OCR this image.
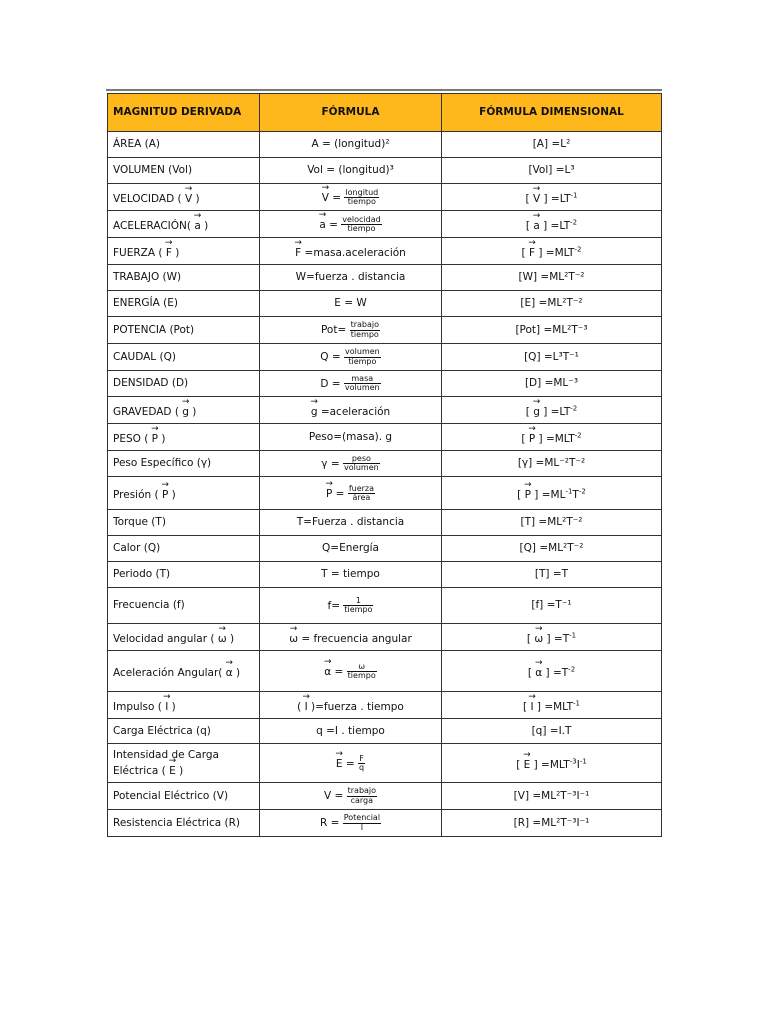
MAGNITUD DERIVADA	FÓRMULA	FÓRMULA DIMENSIONAL
ÁREA (A)	A = (longitud)²	[A] =L²
VOLUMEN (Vol)	Vol = (longitud)³	[Vol] =L³
VELOCIDAD ( → V )	→ $V = \frac{\text{longitud}}{\text{tiempo}}$	[ → V ] $=LT^{-1}$
ACELERACIÓN( → a )	→ $a = \frac{\text{velocidad}}{\text{tiempo}}$	[ → a ] $=LT^{-2}$
FUERZA ( → F )	→ F =masa.aceleración	[ → F ] $=MLT^{-2}$
TRABAJO (W)	W=fuerza . distancia	[W] =ML²T⁻²
ENERGÍA (E)	E = W	[E] =ML²T⁻²
POTENCIA (Pot)	$Pot= \frac{\text{trabajo}}{\text{tiempo}}$	[Pot] =ML²T⁻³
CAUDAL (Q)	$Q = \frac{\text{volumen}}{\text{tiempo}}$	[Q] =L³T⁻¹
DENSIDAD (D)	$D = \frac{\text{masa}}{\text{volumen}}$	[D] =ML⁻³
GRAVEDAD ( → g )	→ g =aceleración	[ → g ] $=LT^{-2}$
PESO ( → P )	Peso=(masa). g	[ → P ] $=MLT^{-2}$
Peso Específico (γ)	$\gamma = \frac{\text{peso}}{\text{volumen}}$	[γ] =ML⁻²T⁻²
Presión ( → P )	→ $P = \frac{\text{fuerza}}{\text{área}}$	[ → P ] $=ML^{-1}T^{-2}$
Torque (T)	T=Fuerza . distancia	[T] =ML²T⁻²
Calor (Q)	Q=Energía	[Q] =ML²T⁻²
Periodo (T)	T = tiempo	[T] =T
Frecuencia (f)	$f= \frac{1}{\text{tiempo}}$	[f] =T⁻¹
Velocidad angular ( → ω )	→ ω = frecuencia angular	[ → ω ] $=T^{-1}$
Aceleración Angular( → α )	→ $\alpha = \frac{\omega}{\text{tiempo}}$	[ → α ] $=T^{-2}$
Impulso ( → I )	( → I )=fuerza . tiempo	[ → I ] $=MLT^{-1}$
Carga Eléctrica (q)	q =I . tiempo	[q] =I.T
Intensidad de Carga Eléctrica ( → E )	→ $E = \frac{F}{q}$	[ → E ] $=MLT^{-3}I^{-1}$
Potencial Eléctrico (V)	$V = \frac{\text{trabajo}}{\text{carga}}$	[V] =ML²T⁻³I⁻¹
Resistencia Eléctrica (R)	$R = \frac{\text{Potencial}}{I}$	[R] =ML²T⁻³I⁻¹
